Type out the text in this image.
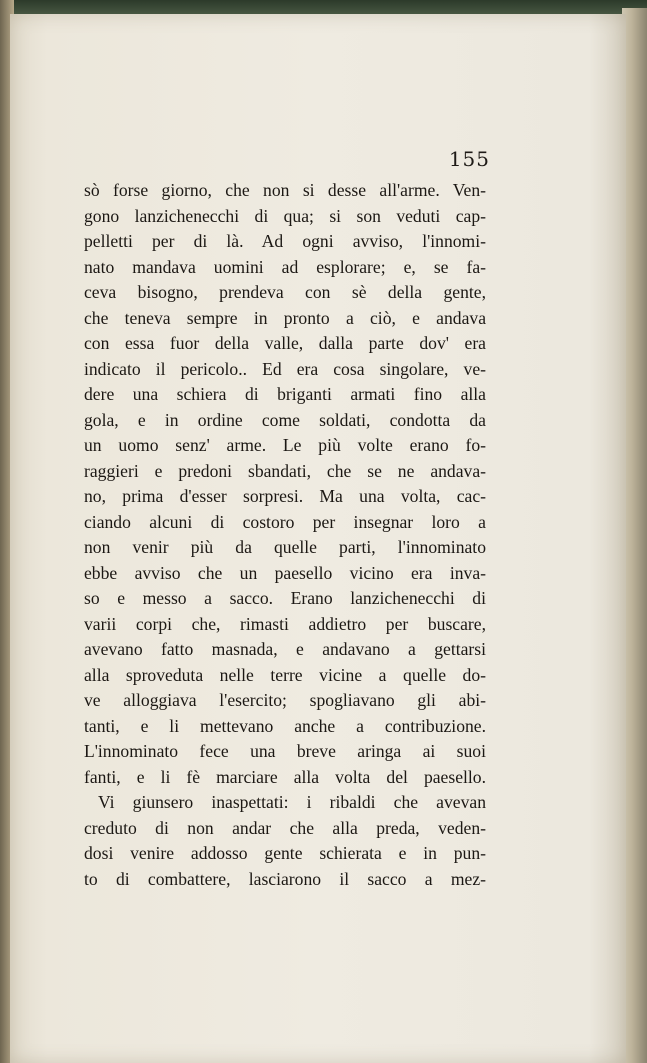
155
sò forse giorno, che non si desse all'arme. Ven-
gono lanzichenecchi di qua; si son veduti cap-
pelletti per di là. Ad ogni avviso, l'innomi-
nato mandava uomini ad esplorare; e, se fa-
ceva bisogno, prendeva con sè della gente,
che teneva sempre in pronto a ciò, e andava
con essa fuor della valle, dalla parte dov' era
indicato il pericolo.. Ed era cosa singolare, ve-
dere una schiera di briganti armati fino alla
gola, e in ordine come soldati, condotta da
un uomo senz' arme. Le più volte erano fo-
raggieri e predoni sbandati, che se ne andava-
no, prima d'esser sorpresi. Ma una volta, cac-
ciando alcuni di costoro per insegnar loro a
non venir più da quelle parti, l'innominato
ebbe avviso che un paesello vicino era inva-
so e messo a sacco. Erano lanzichenecchi di
varii corpi che, rimasti addietro per buscare,
avevano fatto masnada, e andavano a gettarsi
alla sproveduta nelle terre vicine a quelle do-
ve alloggiava l'esercito; spogliavano gli abi-
tanti, e li mettevano anche a contribuzione.
L'innominato fece una breve aringa ai suoi
fanti, e li fè marciare alla volta del paesello.
Vi giunsero inaspettati: i ribaldi che avevan
creduto di non andar che alla preda, veden-
dosi venire addosso gente schierata e in pun-
to di combattere, lasciarono il sacco a mez-
